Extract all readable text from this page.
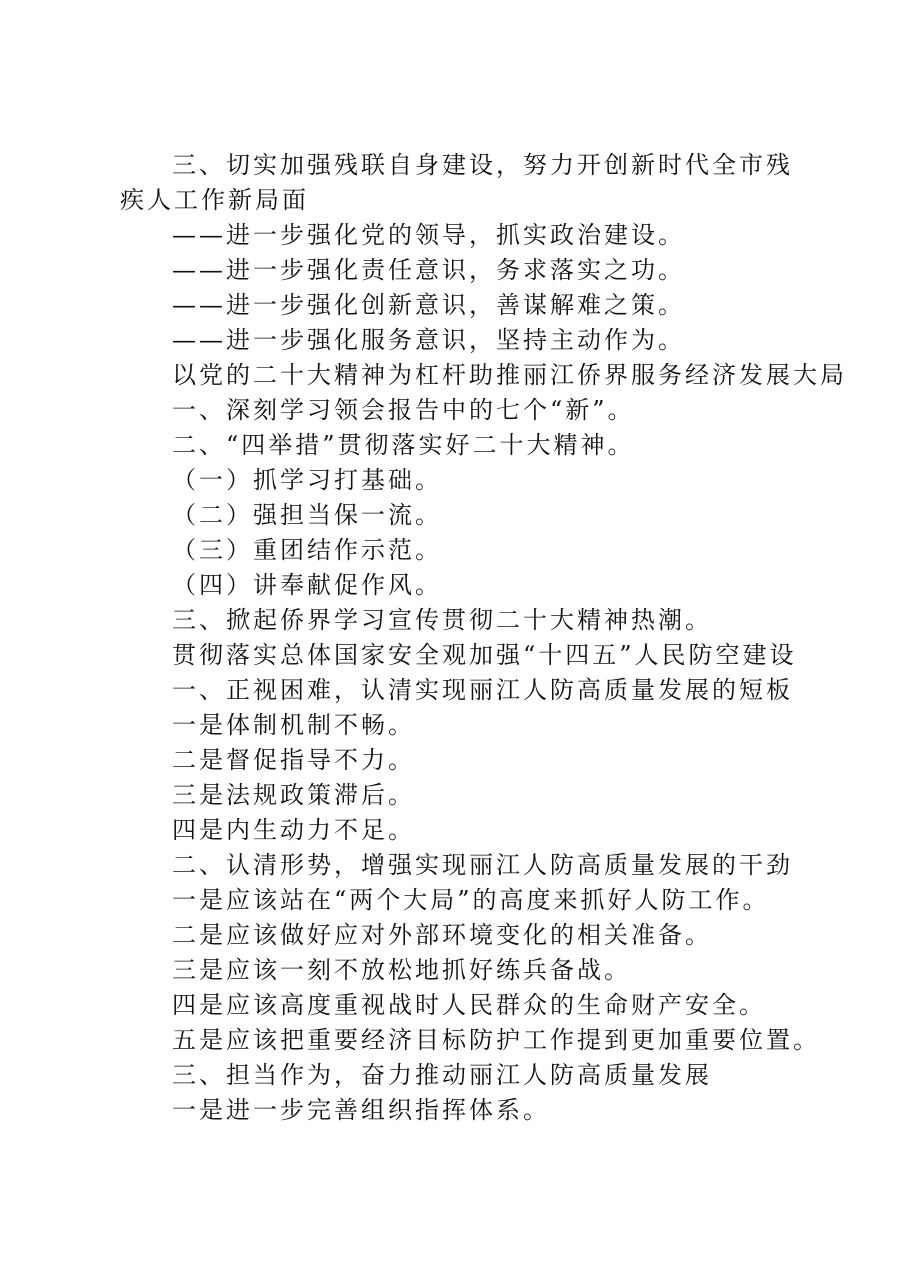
三、切实加强残联自身建设，努力开创新时代全市残疾人工作新局面

——进一步强化党的领导，抓实政治建设。

——进一步强化责任意识，务求落实之功。

——进一步强化创新意识，善谋解难之策。

——进一步强化服务意识，坚持主动作为。

以党的二十大精神为杠杆助推丽江侨界服务经济发展大局

一、深刻学习领会报告中的七个“新”。

二、“四举措”贯彻落实好二十大精神。

（一）抓学习打基础。

（二）强担当保一流。

（三）重团结作示范。

（四）讲奉献促作风。

三、掀起侨界学习宣传贯彻二十大精神热潮。

贯彻落实总体国家安全观加强“十四五”人民防空建设

一、正视困难，认清实现丽江人防高质量发展的短板

一是体制机制不畅。

二是督促指导不力。

三是法规政策滞后。

四是内生动力不足。

二、认清形势，增强实现丽江人防高质量发展的干劲

一是应该站在“两个大局”的高度来抓好人防工作。

二是应该做好应对外部环境变化的相关准备。

三是应该一刻不放松地抓好练兵备战。

四是应该高度重视战时人民群众的生命财产安全。

五是应该把重要经济目标防护工作提到更加重要位置。

三、担当作为，奋力推动丽江人防高质量发展

一是进一步完善组织指挥体系。
